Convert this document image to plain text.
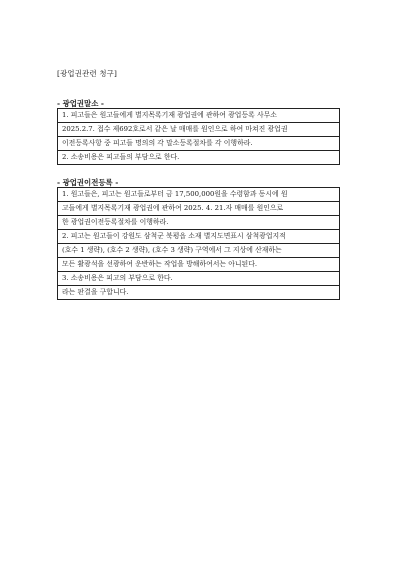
[광업권관련 청구]
- 광업권말소 -
1. 피고들은 원고들에게 별지목록기재 광업권에 관하여 광업등록 사무소
2025.2.7. 접수 제692호로서 같은 날 매매를 원인으로 하여 마쳐진 광업권
이전등록사항 중 피고들 명의의 각 말소등록절차를 각 이행하라.
2. 소송비용은 피고들의 부담으로 한다.
- 광업권이전등록 -
1. 원고들은, 피고는 원고들로부터 금 17,500,000원을 수령함과 동시에 원
고들에게 별지목록기재 광업권에 관하여 2025. 4. 21.자 매매를 원인으로
한 광업권이전등록절차를 이행하라.
2. 피고는 원고들이 강원도 삼척군 북평읍 소재 별지도면표시 삼척광업지적
(호수 1 생략), (호수 2 생략), (호수 3 생략) 구역에서 그 지상에 산재하는
모든 활광석을 선광하여 운반하는 작업을 방해하여서는 아니된다.
3. 소송비용은 피고의 부담으로 한다.
라는 판결을 구합니다.
